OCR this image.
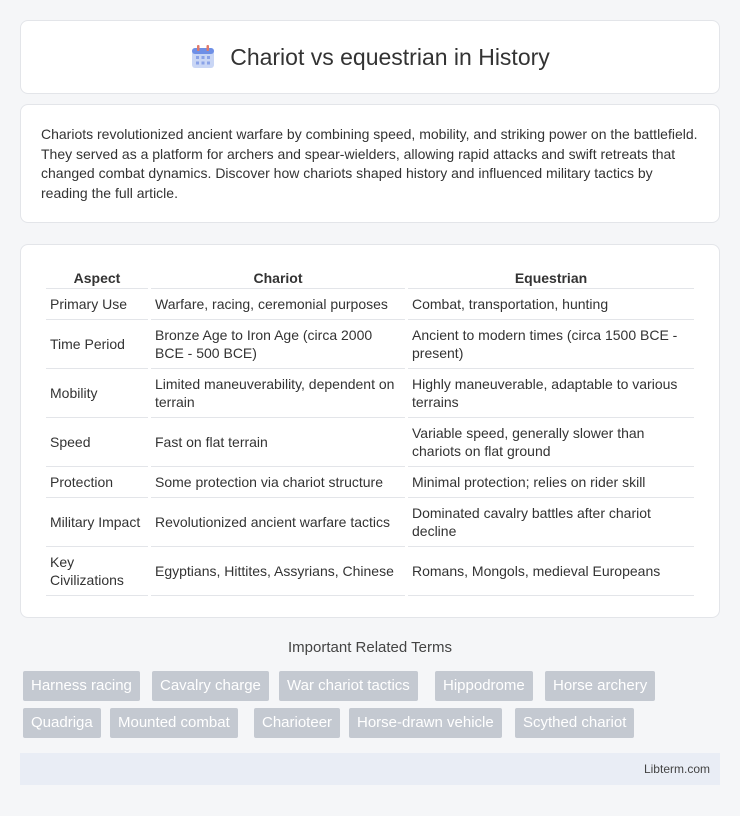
Chariot vs equestrian in History

Chariots revolutionized ancient warfare by combining speed, mobility, and striking power on the battlefield. They served as a platform for archers and spear-wielders, allowing rapid attacks and swift retreats that changed combat dynamics. Discover how chariots shaped history and influenced military tactics by reading the full article.

Aspect	Chariot	Equestrian
Primary Use	Warfare, racing, ceremonial purposes	Combat, transportation, hunting
Time Period	Bronze Age to Iron Age (circa 2000 BCE - 500 BCE)	Ancient to modern times (circa 1500 BCE - present)
Mobility	Limited maneuverability, dependent on terrain	Highly maneuverable, adaptable to various terrains
Speed	Fast on flat terrain	Variable speed, generally slower than chariots on flat ground
Protection	Some protection via chariot structure	Minimal protection; relies on rider skill
Military Impact	Revolutionized ancient warfare tactics	Dominated cavalry battles after chariot decline
Key Civilizations	Egyptians, Hittites, Assyrians, Chinese	Romans, Mongols, medieval Europeans
Important Related Terms
Harness racing	Cavalry charge	War chariot tactics	Hippodrome	Horse archery
Quadriga	Mounted combat	Charioteer	Horse-drawn vehicle	Scythed chariot
Libterm.com
